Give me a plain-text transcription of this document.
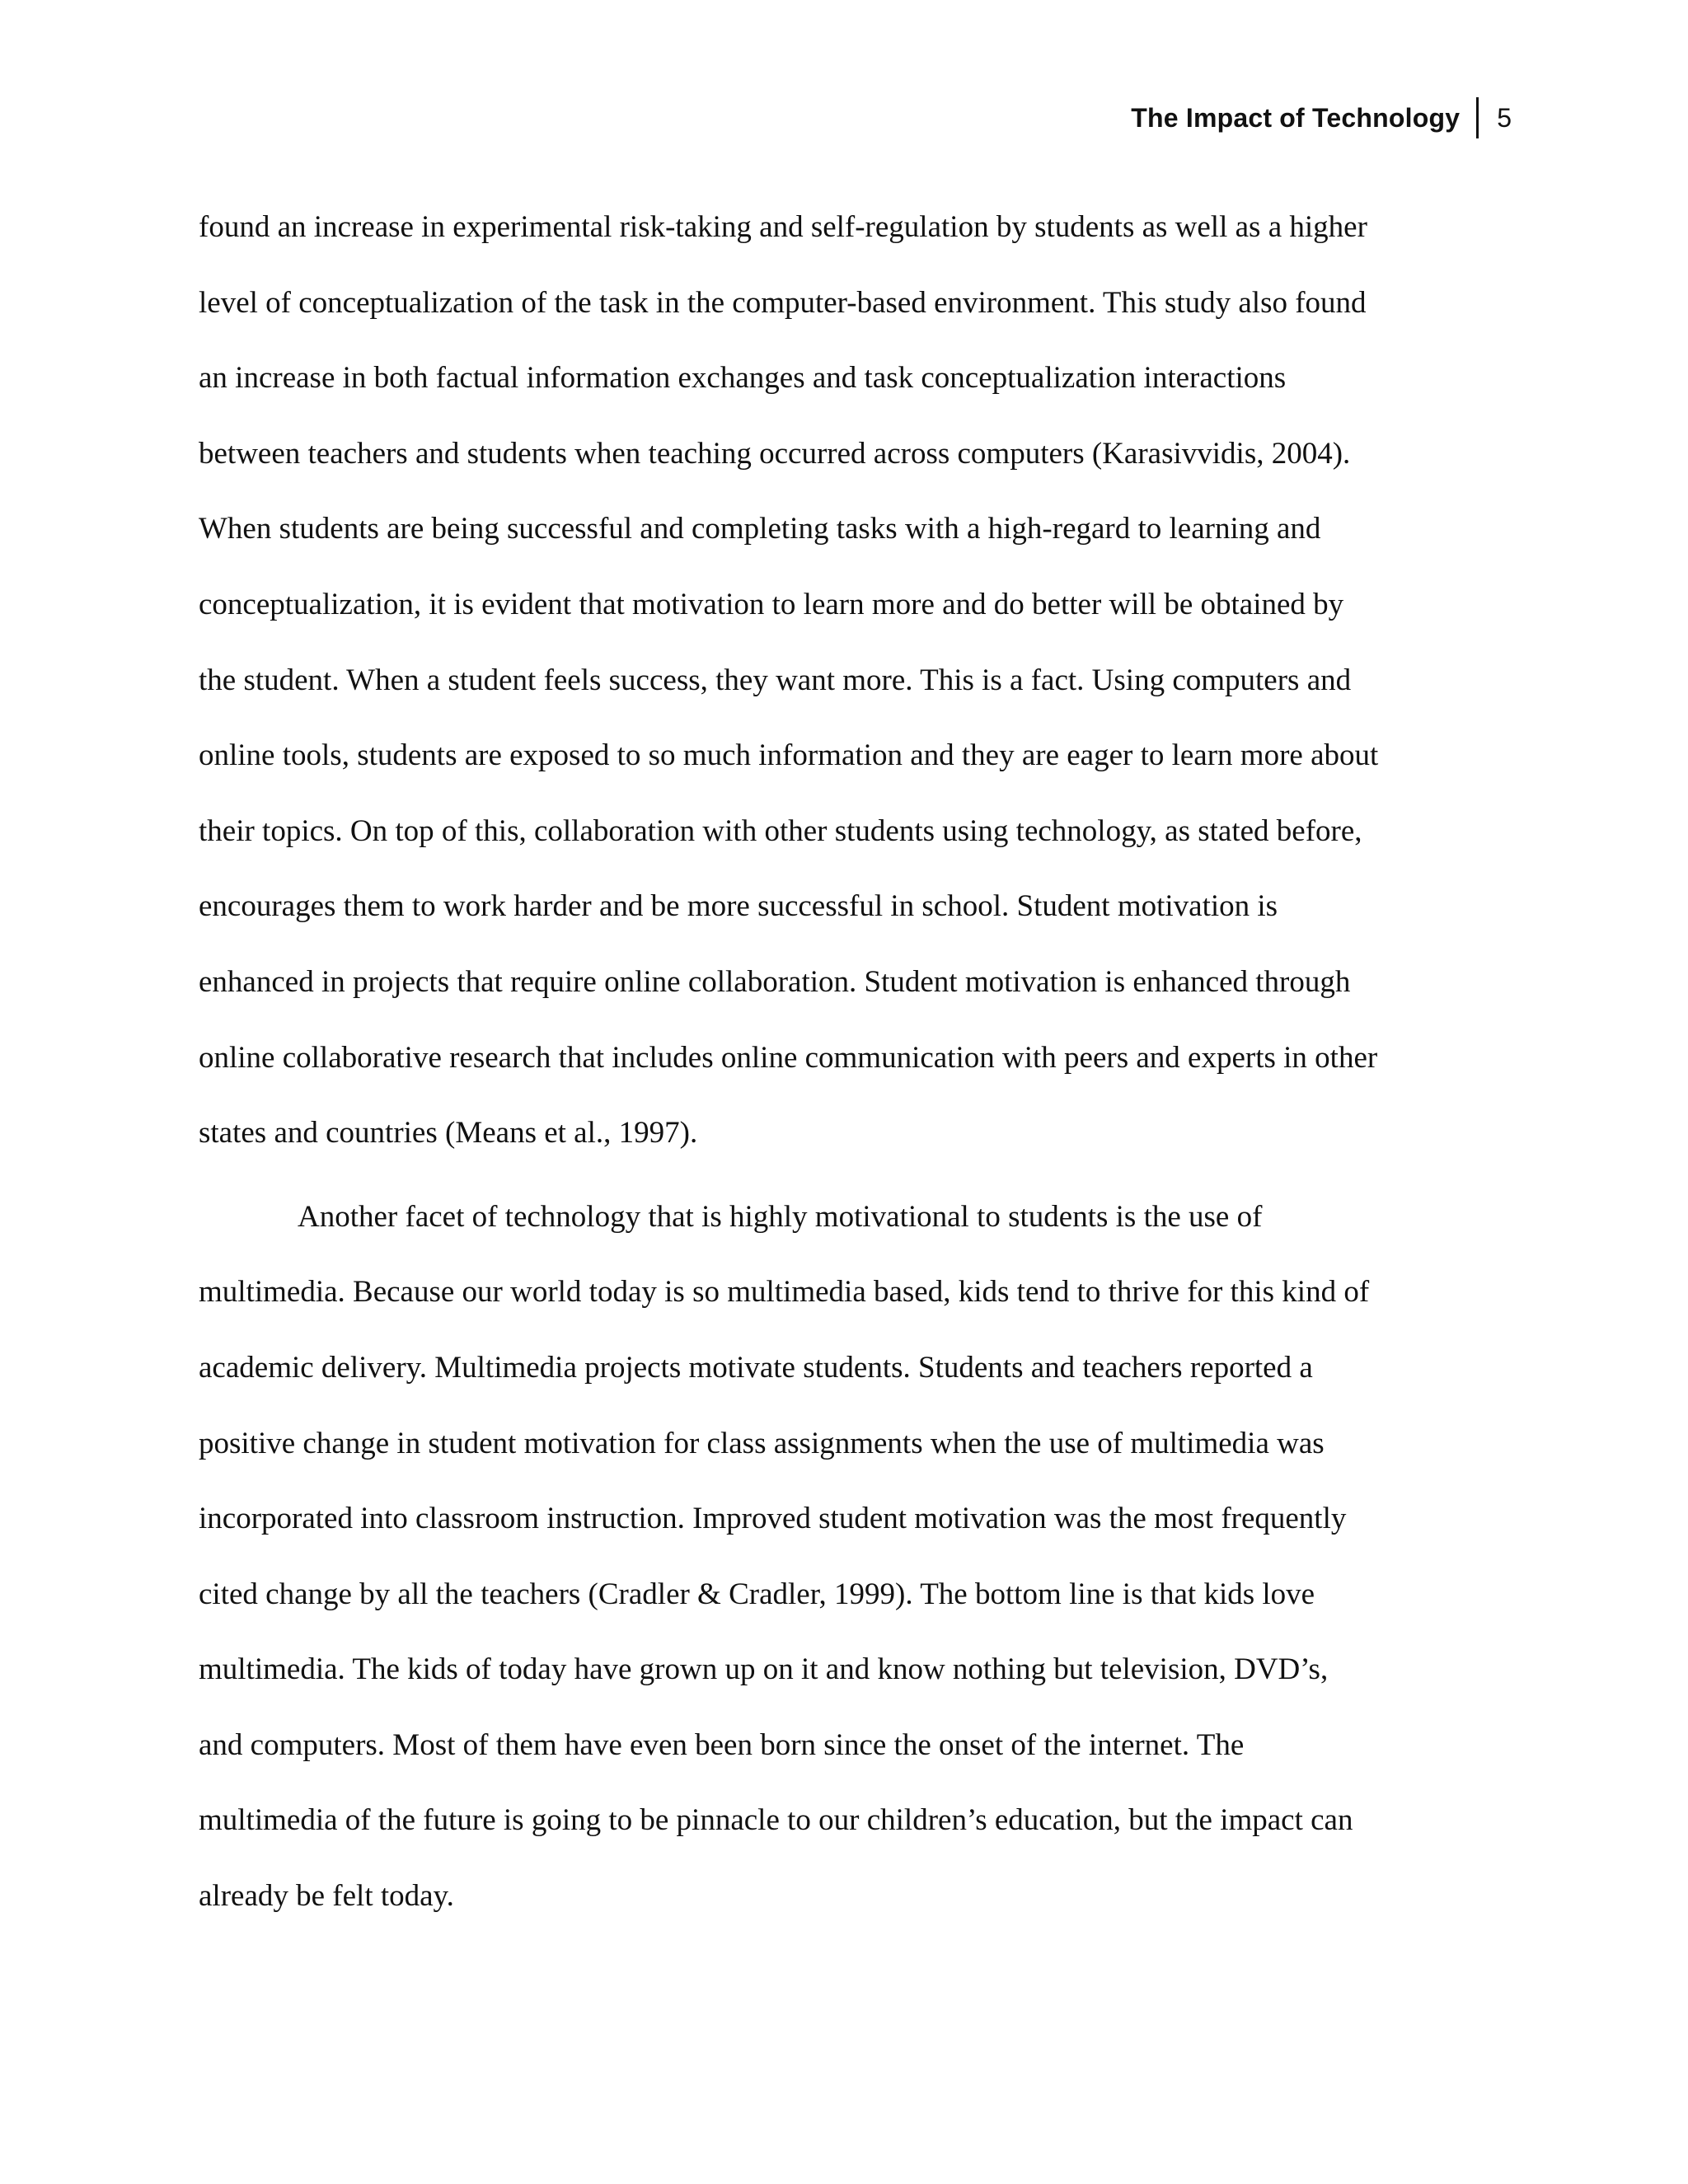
The Impact of Technology 5
found an increase in experimental risk-taking and self-regulation by students as well as a higher
level of conceptualization of the task in the computer-based environment. This study also found
an increase in both factual information exchanges and task conceptualization interactions
between teachers and students when teaching occurred across computers (Karasivvidis, 2004).
When students are being successful and completing tasks with a high-regard to learning and
conceptualization, it is evident that motivation to learn more and do better will be obtained by
the student. When a student feels success, they want more. This is a fact. Using computers and
online tools, students are exposed to so much information and they are eager to learn more about
their topics. On top of this, collaboration with other students using technology, as stated before,
encourages them to work harder and be more successful in school. Student motivation is
enhanced in projects that require online collaboration. Student motivation is enhanced through
online collaborative research that includes online communication with peers and experts in other
states and countries (Means et al., 1997).
Another facet of technology that is highly motivational to students is the use of
multimedia. Because our world today is so multimedia based, kids tend to thrive for this kind of
academic delivery. Multimedia projects motivate students. Students and teachers reported a
positive change in student motivation for class assignments when the use of multimedia was
incorporated into classroom instruction. Improved student motivation was the most frequently
cited change by all the teachers (Cradler & Cradler, 1999). The bottom line is that kids love
multimedia. The kids of today have grown up on it and know nothing but television, DVD’s,
and computers. Most of them have even been born since the onset of the internet. The
multimedia of the future is going to be pinnacle to our children’s education, but the impact can
already be felt today.
